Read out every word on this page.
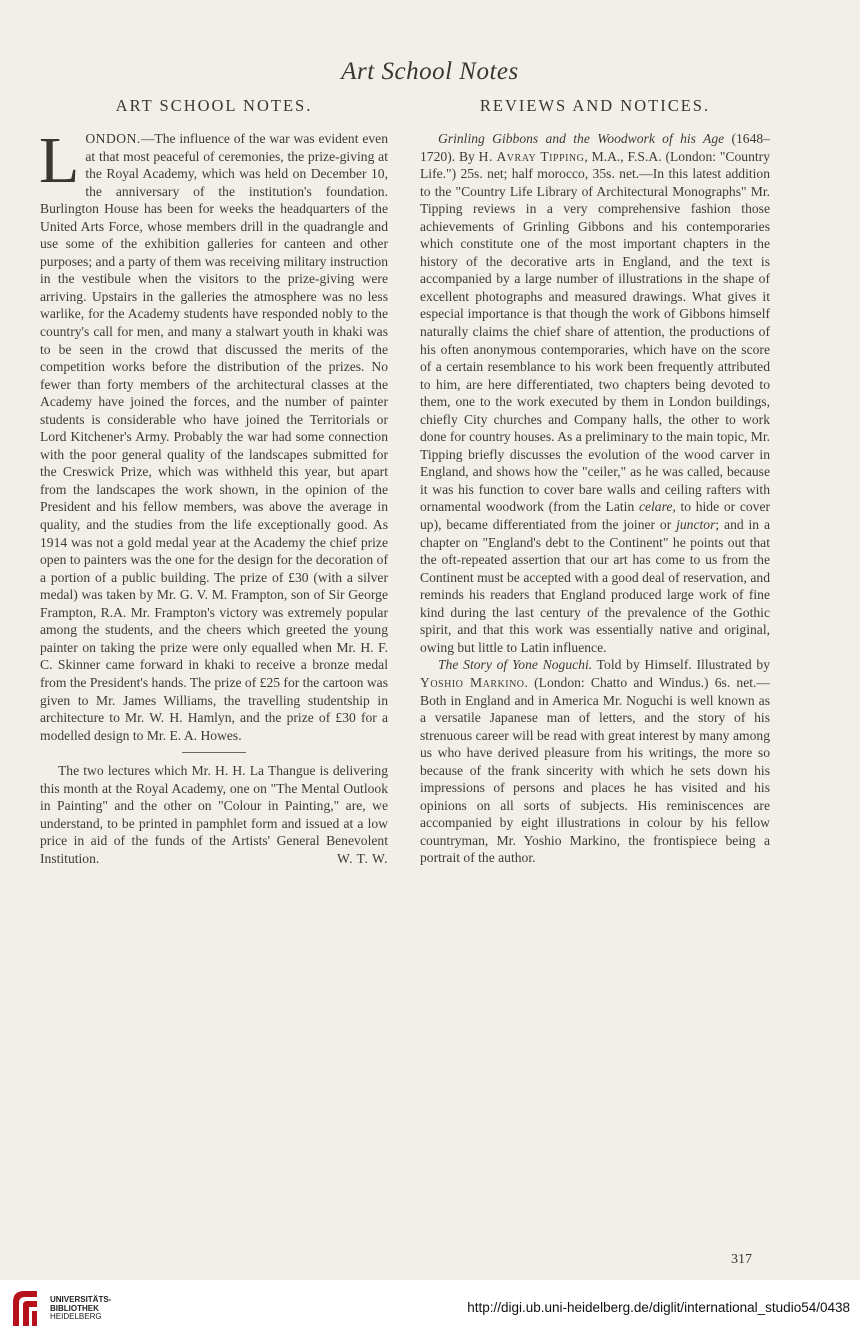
Art School Notes
ART SCHOOL NOTES.

LONDON.—The influence of the war was evident even at that most peaceful of ceremonies, the prize-giving at the Royal Academy, which was held on December 10, the anniversary of the institution's foundation. Burlington House has been for weeks the headquarters of the United Arts Force, whose members drill in the quadrangle and use some of the exhibition galleries for canteen and other purposes; and a party of them was receiving military instruction in the vestibule when the visitors to the prize-giving were arriving. Upstairs in the galleries the atmosphere was no less warlike, for the Academy students have responded nobly to the country's call for men, and many a stalwart youth in khaki was to be seen in the crowd that discussed the merits of the competition works before the distribution of the prizes. No fewer than forty members of the architectural classes at the Academy have joined the forces, and the number of painter students is considerable who have joined the Territorials or Lord Kitchener's Army. Probably the war had some connection with the poor general quality of the landscapes submitted for the Creswick Prize, which was withheld this year, but apart from the landscapes the work shown, in the opinion of the President and his fellow members, was above the average in quality, and the studies from the life exceptionally good. As 1914 was not a gold medal year at the Academy the chief prize open to painters was the one for the design for the decoration of a portion of a public building. The prize of £30 (with a silver medal) was taken by Mr. G. V. M. Frampton, son of Sir George Frampton, R.A. Mr. Frampton's victory was extremely popular among the students, and the cheers which greeted the young painter on taking the prize were only equalled when Mr. H. F. C. Skinner came forward in khaki to receive a bronze medal from the President's hands. The prize of £25 for the cartoon was given to Mr. James Williams, the travelling studentship in architecture to Mr. W. H. Hamlyn, and the prize of £30 for a modelled design to Mr. E. A. Howes.

The two lectures which Mr. H. H. La Thangue is delivering this month at the Royal Academy, one on "The Mental Outlook in Painting" and the other on "Colour in Painting," are, we understand, to be printed in pamphlet form and issued at a low price in aid of the funds of the Artists' General Benevolent Institution.	W. T. W.

REVIEWS AND NOTICES.

Grinling Gibbons and the Woodwork of his Age (1648–1720). By H. Avray Tipping, M.A., F.S.A. (London: "Country Life.") 25s. net; half morocco, 35s. net.—In this latest addition to the "Country Life Library of Architectural Monographs" Mr. Tipping reviews in a very comprehensive fashion those achievements of Grinling Gibbons and his contemporaries which constitute one of the most important chapters in the history of the decorative arts in England, and the text is accompanied by a large number of illustrations in the shape of excellent photographs and measured drawings. What gives it especial importance is that though the work of Gibbons himself naturally claims the chief share of attention, the productions of his often anonymous contemporaries, which have on the score of a certain resemblance to his work been frequently attributed to him, are here differentiated, two chapters being devoted to them, one to the work executed by them in London buildings, chiefly City churches and Company halls, the other to work done for country houses. As a preliminary to the main topic, Mr. Tipping briefly discusses the evolution of the wood carver in England, and shows how the "ceiler," as he was called, because it was his function to cover bare walls and ceiling rafters with ornamental woodwork (from the Latin celare, to hide or cover up), became differentiated from the joiner or junctor; and in a chapter on "England's debt to the Continent" he points out that the oft-repeated assertion that our art has come to us from the Continent must be accepted with a good deal of reservation, and reminds his readers that England produced large work of fine kind during the last century of the prevalence of the Gothic spirit, and that this work was essentially native and original, owing but little to Latin influence.

The Story of Yone Noguchi. Told by Himself. Illustrated by Yoshio Markino. (London: Chatto and Windus.) 6s. net.—Both in England and in America Mr. Noguchi is well known as a versatile Japanese man of letters, and the story of his strenuous career will be read with great interest by many among us who have derived pleasure from his writings, the more so because of the frank sincerity with which he sets down his impressions of persons and places he has visited and his opinions on all sorts of subjects. His reminiscences are accompanied by eight illustrations in colour by his fellow countryman, Mr. Yoshio Markino, the frontispiece being a portrait of the author.

317
UNIVERSITÄTS-
BIBLIOTHEK
HEIDELBERG
http://digi.ub.uni-heidelberg.de/diglit/international_studio54/0438
